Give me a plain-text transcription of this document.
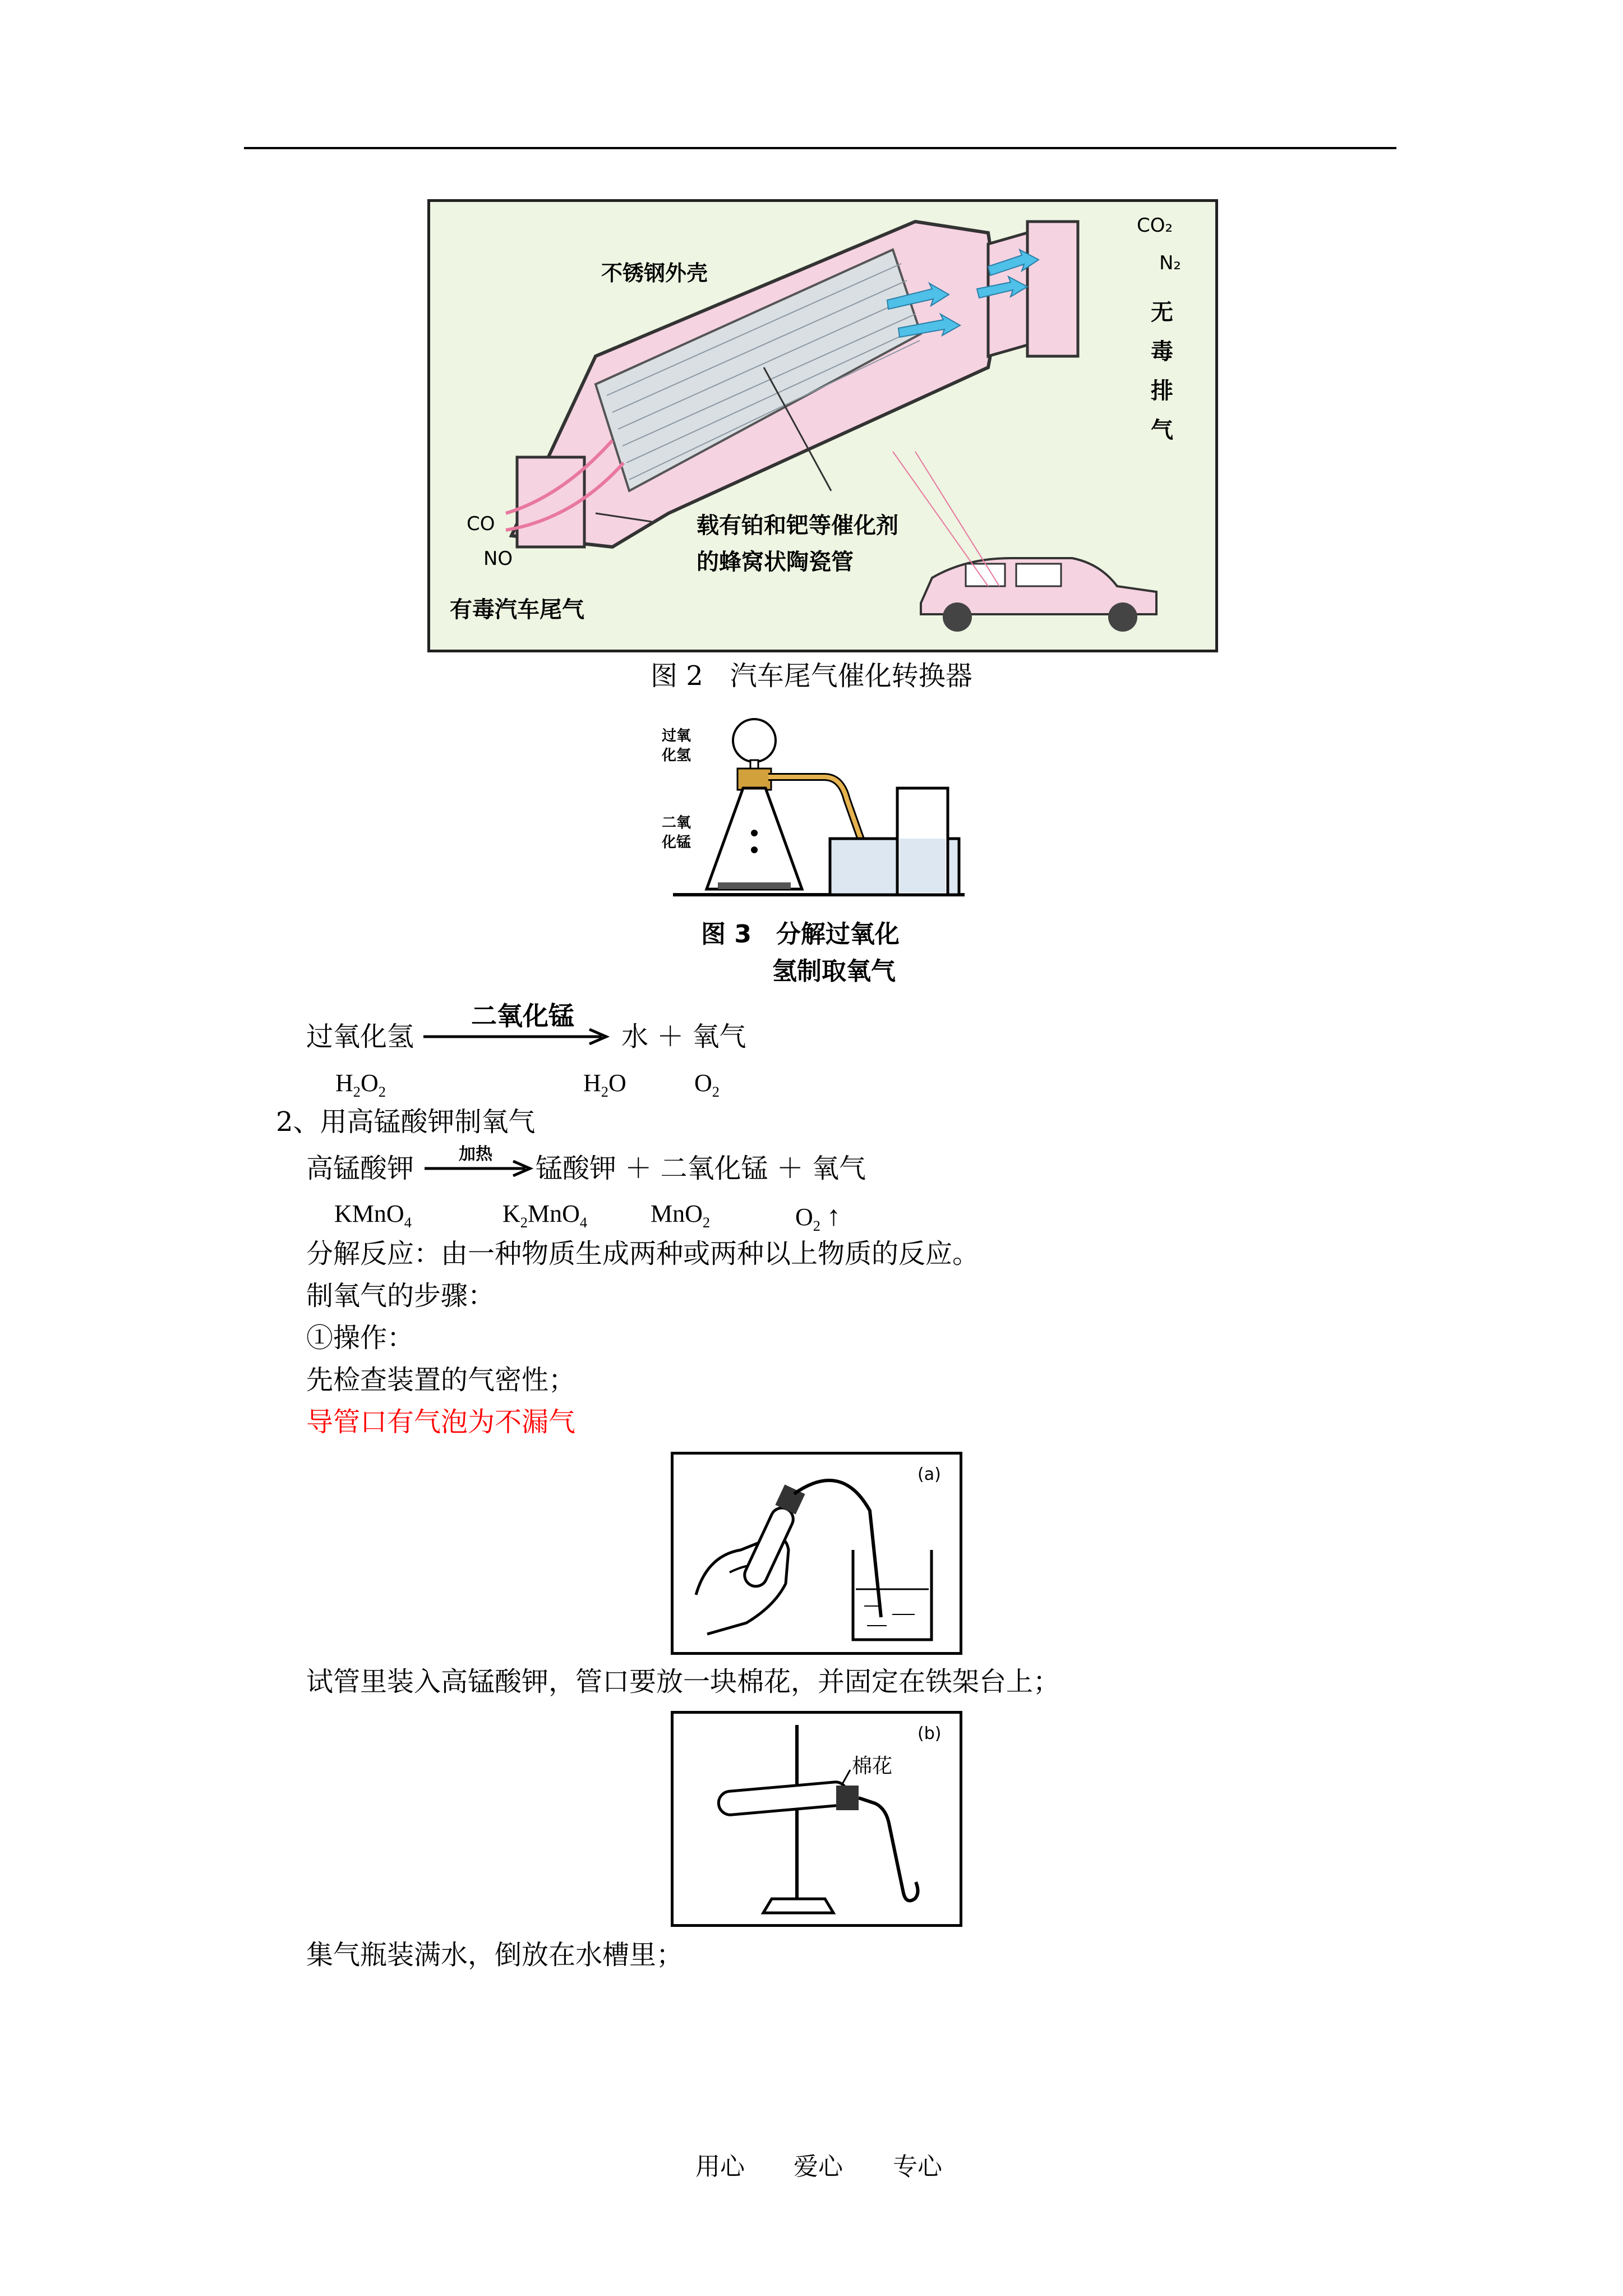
不锈钢外壳
CO₂
N₂
无
毒
排
气
CO
NO
载有铂和钯等催化剂
的蜂窝状陶瓷管
有毒汽车尾气
图 2　汽车尾气催化转换器
过氧
化氢
二氧
化锰
图 3　分解过氧化
氢制取氧气
过氧化氢
二氧化锰
水 ＋ 氧气
$H_2O_2$	$H_2O$	$O_2$
2、用高锰酸钾制氧气
高锰酸钾	加热 锰酸钾 ＋ 二氧化锰 ＋ 氧气
KMnO$_4$	$K_2MnO_4$	MnO$_2$	$O_2$ ↑
分解反应：由一种物质生成两种或两种以上物质的反应。
制氧气的步骤：
①操作：
先检查装置的气密性；
导管口有气泡为不漏气
(a)
试管里装入高锰酸钾，管口要放一块棉花，并固定在铁架台上；
(b)
棉花
集气瓶装满水，倒放在水槽里；
用心 爱心 专心
